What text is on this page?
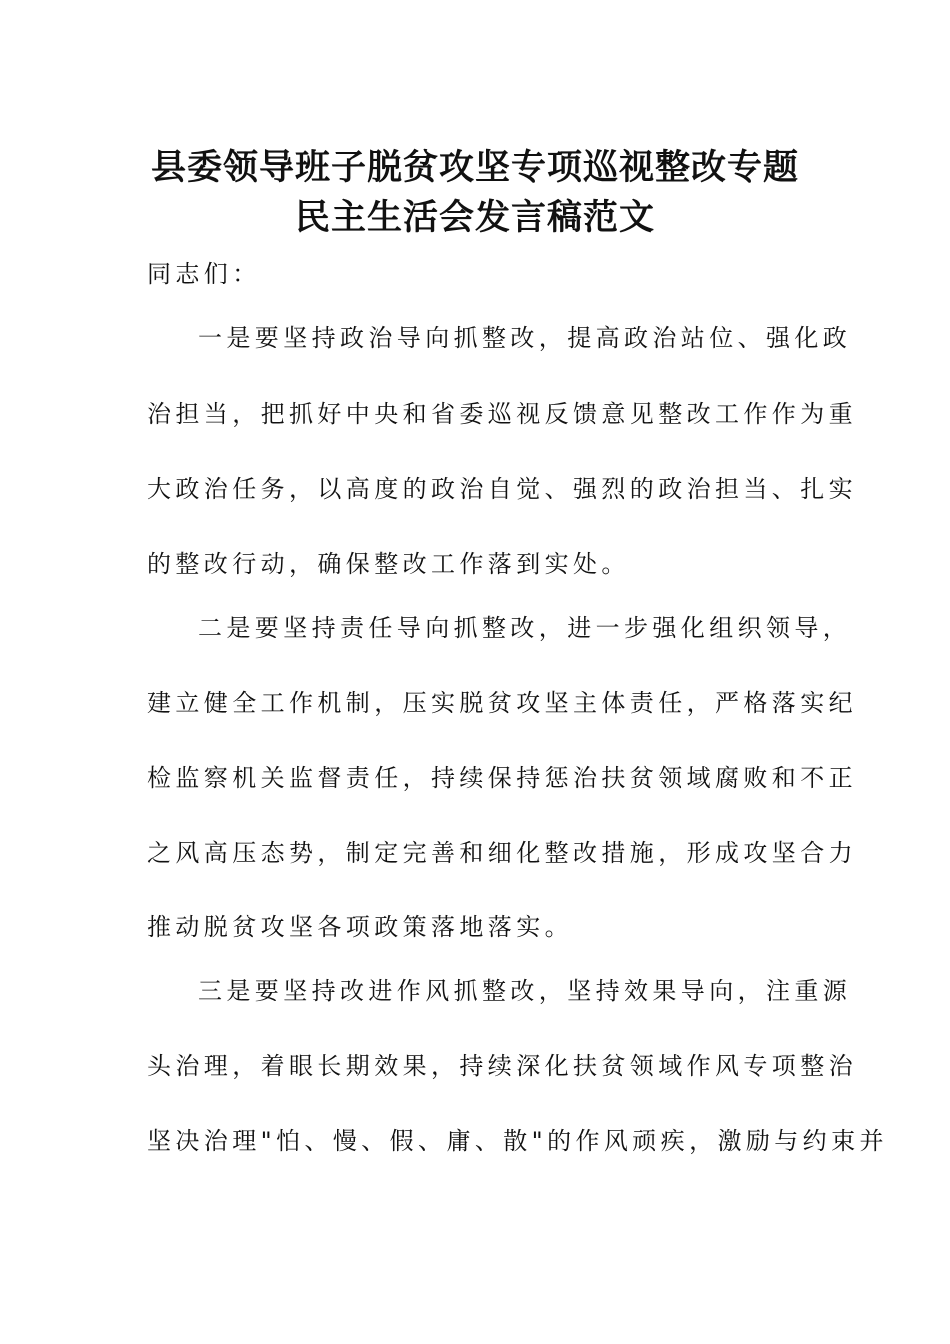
县委领导班子脱贫攻坚专项巡视整改专题
民主生活会发言稿范文
同志们：
一是要坚持政治导向抓整改，提高政治站位、强化政
治担当，把抓好中央和省委巡视反馈意见整改工作作为重
大政治任务，以高度的政治自觉、强烈的政治担当、扎实
的整改行动，确保整改工作落到实处。
二是要坚持责任导向抓整改，进一步强化组织领导，
建立健全工作机制，压实脱贫攻坚主体责任，严格落实纪
检监察机关监督责任，持续保持惩治扶贫领域腐败和不正
之风高压态势，制定完善和细化整改措施，形成攻坚合力
推动脱贫攻坚各项政策落地落实。
三是要坚持改进作风抓整改，坚持效果导向，注重源
头治理，着眼长期效果，持续深化扶贫领域作风专项整治
坚决治理"怕、慢、假、庸、散"的作风顽疾，激励与约束并
